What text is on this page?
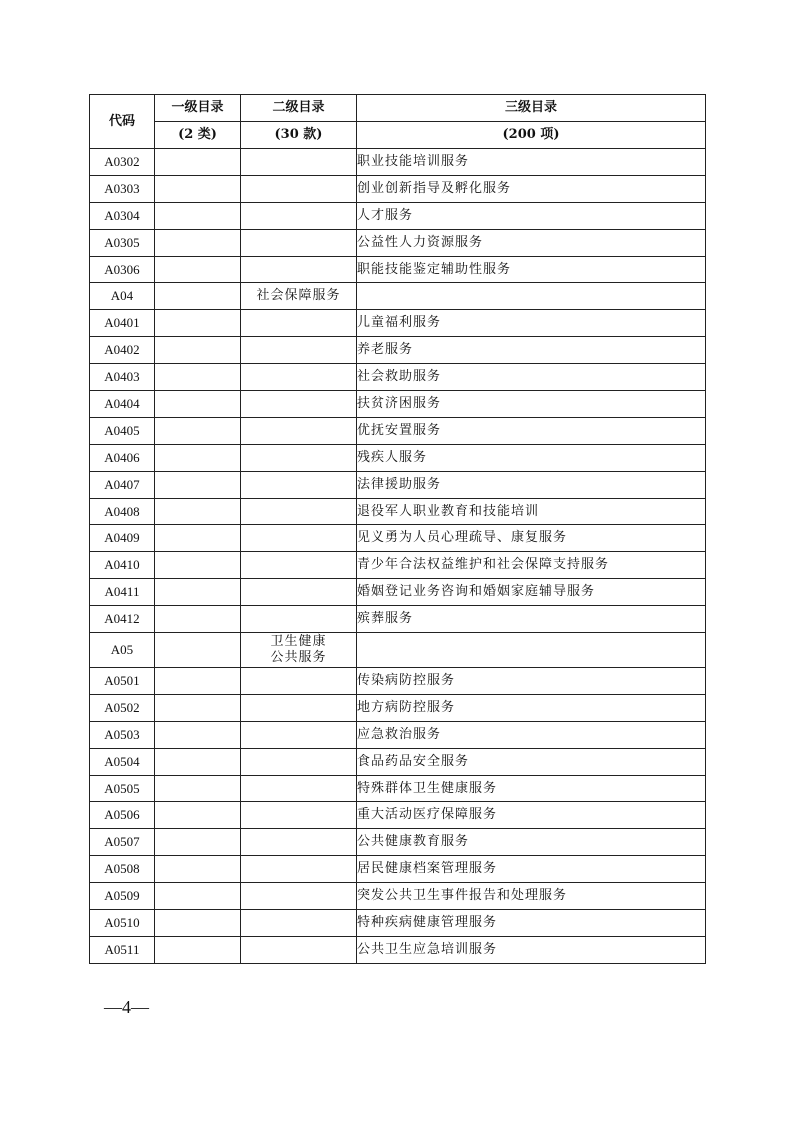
代码	一级目录	二级目录	三级目录
	(2 类)	(30 款)	(200 项)
A0302			职业技能培训服务
A0303			创业创新指导及孵化服务
A0304			人才服务
A0305			公益性人力资源服务
A0306			职能技能鉴定辅助性服务
A04		社会保障服务	
A0401			儿童福利服务
A0402			养老服务
A0403			社会救助服务
A0404			扶贫济困服务
A0405			优抚安置服务
A0406			残疾人服务
A0407			法律援助服务
A0408			退役军人职业教育和技能培训
A0409			见义勇为人员心理疏导、康复服务
A0410			青少年合法权益维护和社会保障支持服务
A0411			婚姻登记业务咨询和婚姻家庭辅导服务
A0412			殡葬服务
A05		卫生健康
公共服务	
A0501			传染病防控服务
A0502			地方病防控服务
A0503			应急救治服务
A0504			食品药品安全服务
A0505			特殊群体卫生健康服务
A0506			重大活动医疗保障服务
A0507			公共健康教育服务
A0508			居民健康档案管理服务
A0509			突发公共卫生事件报告和处理服务
A0510			特种疾病健康管理服务
A0511			公共卫生应急培训服务
—4—
